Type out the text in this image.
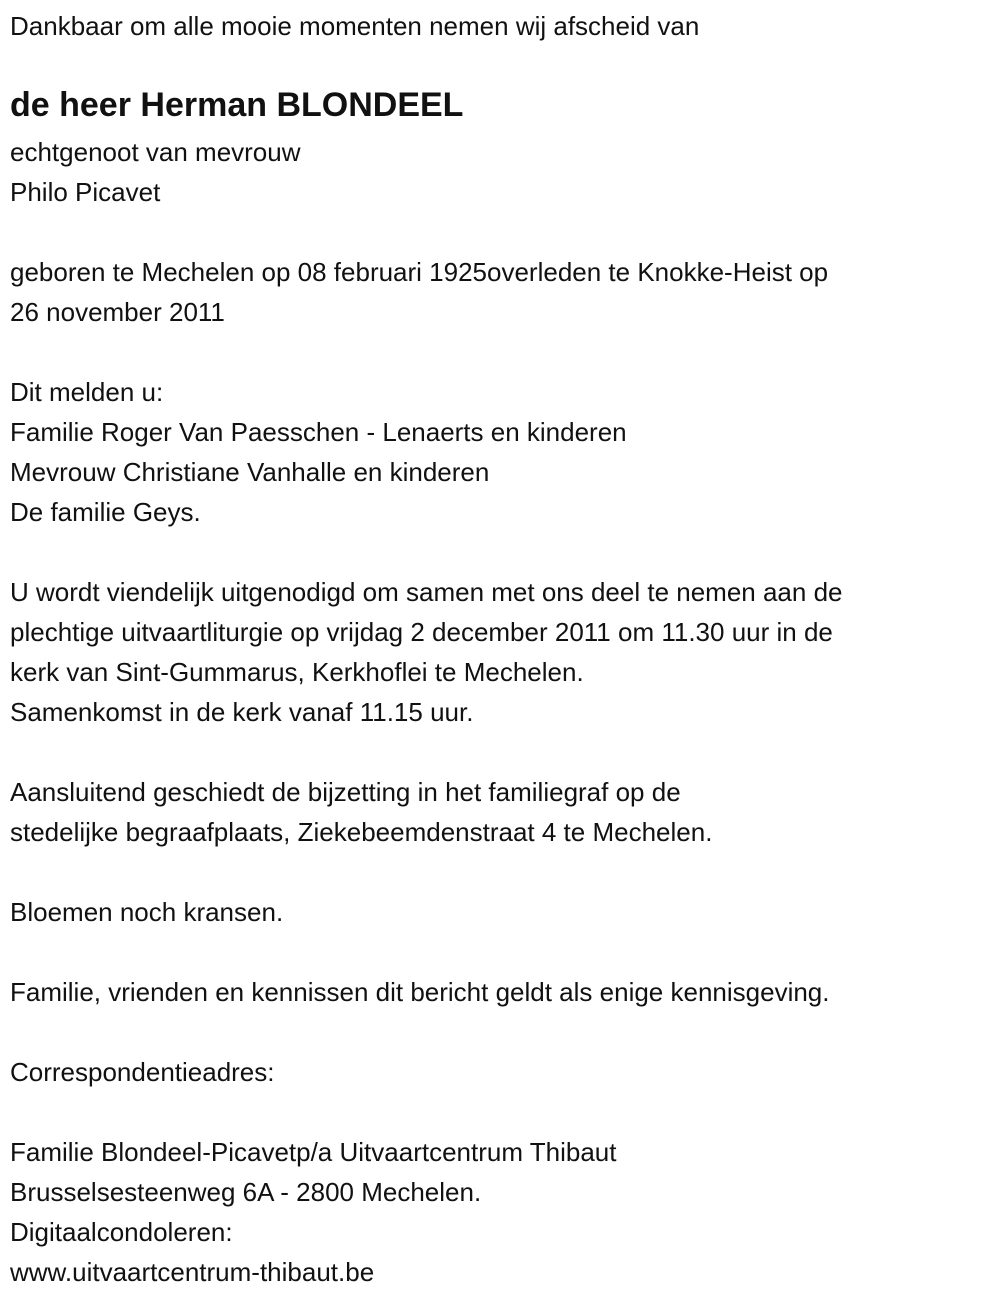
Dankbaar om alle mooie momenten nemen wij afscheid van
de heer Herman BLONDEEL
echtgenoot van mevrouw
Philo Picavet
geboren te Mechelen op 08 februari 1925overleden te Knokke-Heist op
26 november 2011
Dit melden u:
Familie Roger Van Paesschen - Lenaerts en kinderen
Mevrouw Christiane Vanhalle en kinderen
De familie Geys.
U wordt viendelijk uitgenodigd om samen met ons deel te nemen aan de
plechtige uitvaartliturgie op vrijdag 2 december 2011 om 11.30 uur in de
kerk van Sint-Gummarus, Kerkhoflei te Mechelen.
Samenkomst in de kerk vanaf 11.15 uur.
Aansluitend geschiedt de bijzetting in het familiegraf op de
stedelijke begraafplaats, Ziekebeemdenstraat 4 te Mechelen.
Bloemen noch kransen.
Familie, vrienden en kennissen dit bericht geldt als enige kennisgeving.
Correspondentieadres:
Familie Blondeel-Picavetp/a Uitvaartcentrum Thibaut
Brusselsesteenweg 6A - 2800 Mechelen.
Digitaalcondoleren:
www.uitvaartcentrum-thibaut.be
